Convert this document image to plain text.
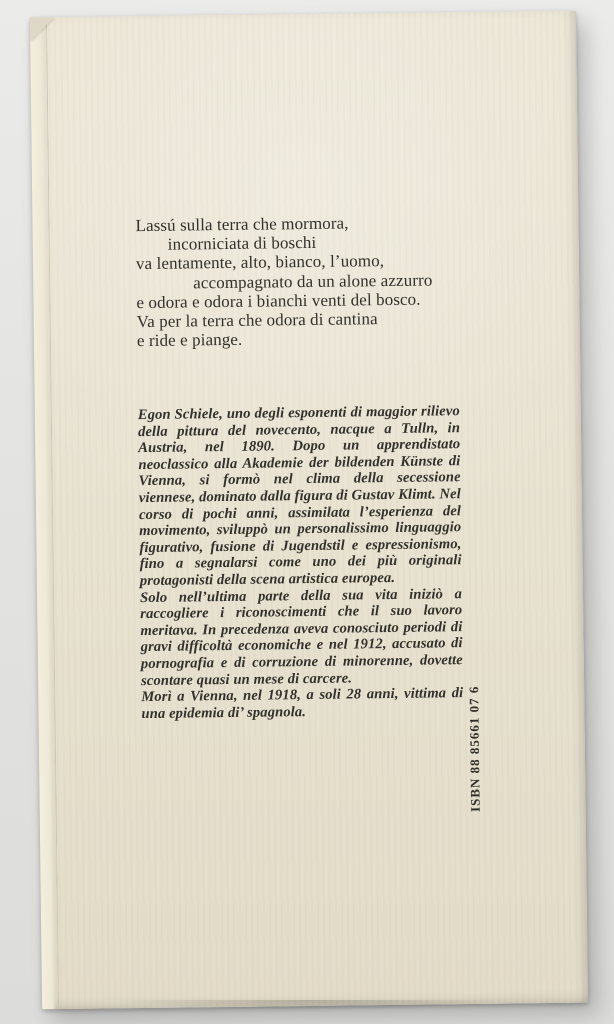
Lassú sulla terra che mormora,
incorniciata di boschi
va lentamente, alto, bianco, l’uomo,
accompagnato da un alone azzurro
e odora e odora i bianchi venti del bosco.
Va per la terra che odora di cantina
e ride e piange.

Egon Schiele, uno degli esponenti di maggior rilievo della pittura del novecento, nacque a Tulln, in Austria, nel 1890. Dopo un apprendistato neoclassico alla Akademie der bildenden Künste di Vienna, si formò nel clima della secessione viennese, dominato dalla figura di Gustav Klimt. Nel corso di pochi anni, assimilata l’esperienza del movimento, sviluppò un personalissimo linguaggio figurativo, fusione di Jugendstil e espressionismo, fino a segnalarsi come uno dei più originali protagonisti della scena artistica europea.

Solo nell’ultima parte della sua vita iniziò a raccogliere i riconoscimenti che il suo lavoro meritava. In precedenza aveva conosciuto periodi di gravi difficoltà economiche e nel 1912, accusato di pornografia e di corruzione di minorenne, dovette scontare quasi un mese di carcere.

Morì a Vienna, nel 1918, a soli 28 anni, vittima di una epidemia di’ spagnola.	ISBN 88 85661 07 6
